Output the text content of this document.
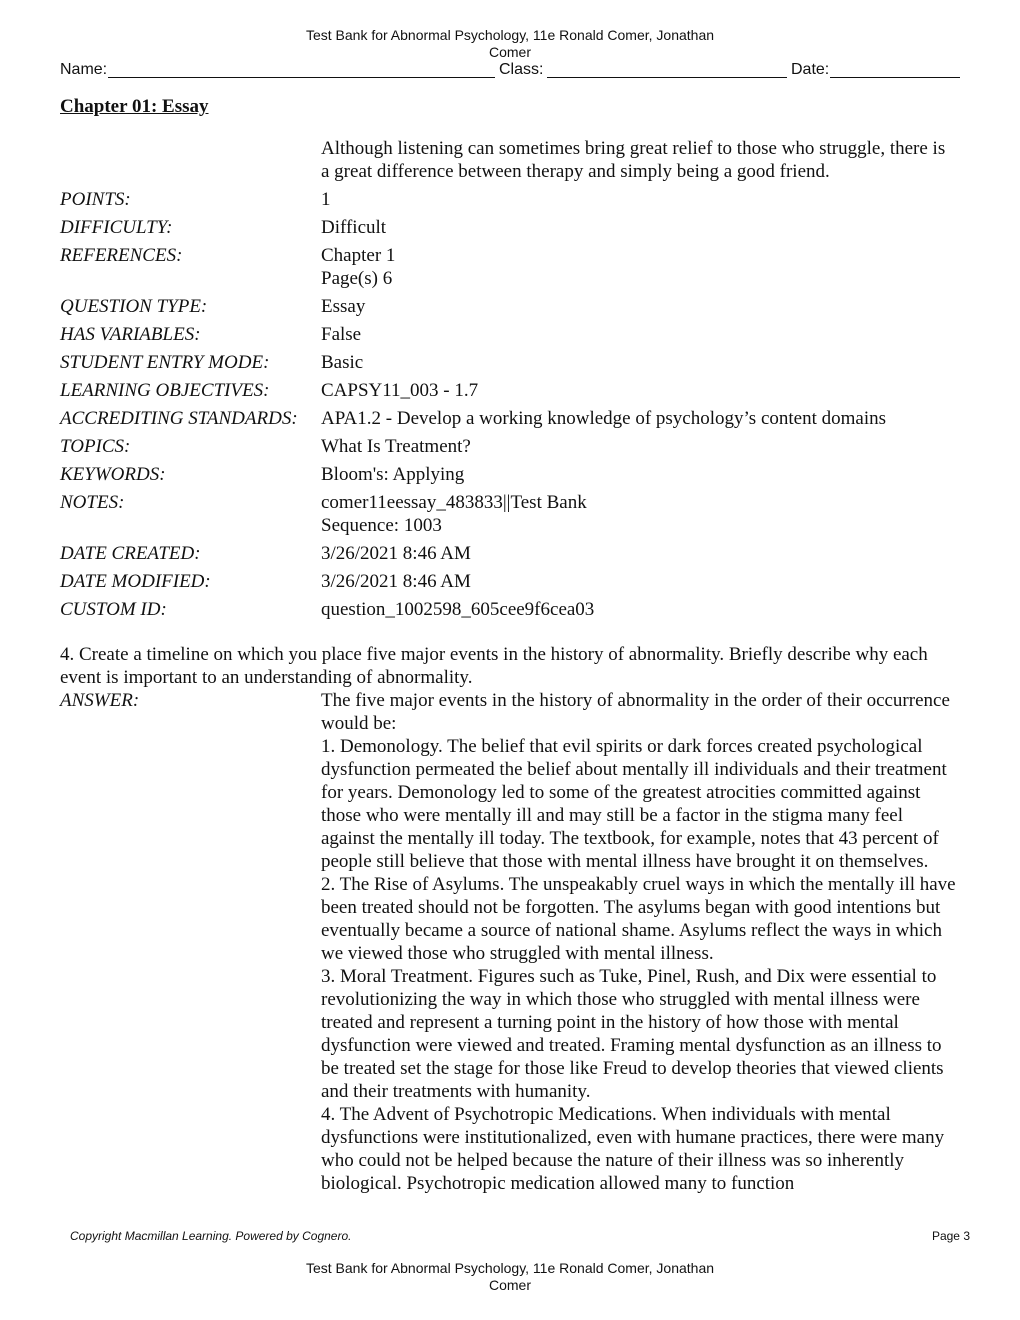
Test Bank for Abnormal Psychology, 11e Ronald Comer, Jonathan
Comer
Name:	Class:	Date:
Chapter 01: Essay
Although listening can sometimes bring great relief to those who struggle, there is a great difference between therapy and simply being a good friend.
POINTS:	1
DIFFICULTY:	Difficult
REFERENCES:	Chapter 1
Page(s) 6
QUESTION TYPE:	Essay
HAS VARIABLES:	False
STUDENT ENTRY MODE:	Basic
LEARNING OBJECTIVES:	CAPSY11_003 - 1.7
ACCREDITING STANDARDS:	APA1.2 - Develop a working knowledge of psychology’s content domains
TOPICS:	What Is Treatment?
KEYWORDS:	Bloom's: Applying
NOTES:	comer11eessay_483833||Test Bank
Sequence: 1003
DATE CREATED:	3/26/2021 8:46 AM
DATE MODIFIED:	3/26/2021 8:46 AM
CUSTOM ID:	question_1002598_605cee9f6cea03
4. Create a timeline on which you place five major events in the history of abnormality. Briefly describe why each event is important to an understanding of abnormality.
ANSWER:	The five major events in the history of abnormality in the order of their occurrence would be:

1. Demonology. The belief that evil spirits or dark forces created psychological dysfunction permeated the belief about mentally ill individuals and their treatment for years. Demonology led to some of the greatest atrocities committed against those who were mentally ill and may still be a factor in the stigma many feel against the mentally ill today. The textbook, for example, notes that 43 percent of people still believe that those with mental illness have brought it on themselves.

2. The Rise of Asylums. The unspeakably cruel ways in which the mentally ill have been treated should not be forgotten. The asylums began with good intentions but eventually became a source of national shame. Asylums reflect the ways in which we viewed those who struggled with mental illness.

3. Moral Treatment. Figures such as Tuke, Pinel, Rush, and Dix were essential to revolutionizing the way in which those who struggled with mental illness were treated and represent a turning point in the history of how those with mental dysfunction were viewed and treated. Framing mental dysfunction as an illness to be treated set the stage for those like Freud to develop theories that viewed clients and their treatments with humanity.

4. The Advent of Psychotropic Medications. When individuals with mental dysfunctions were institutionalized, even with humane practices, there were many who could not be helped because the nature of their illness was so inherently biological. Psychotropic medication allowed many to function

Copyright Macmillan Learning. Powered by Cognero.	Page 3
Test Bank for Abnormal Psychology, 11e Ronald Comer, Jonathan
Comer
